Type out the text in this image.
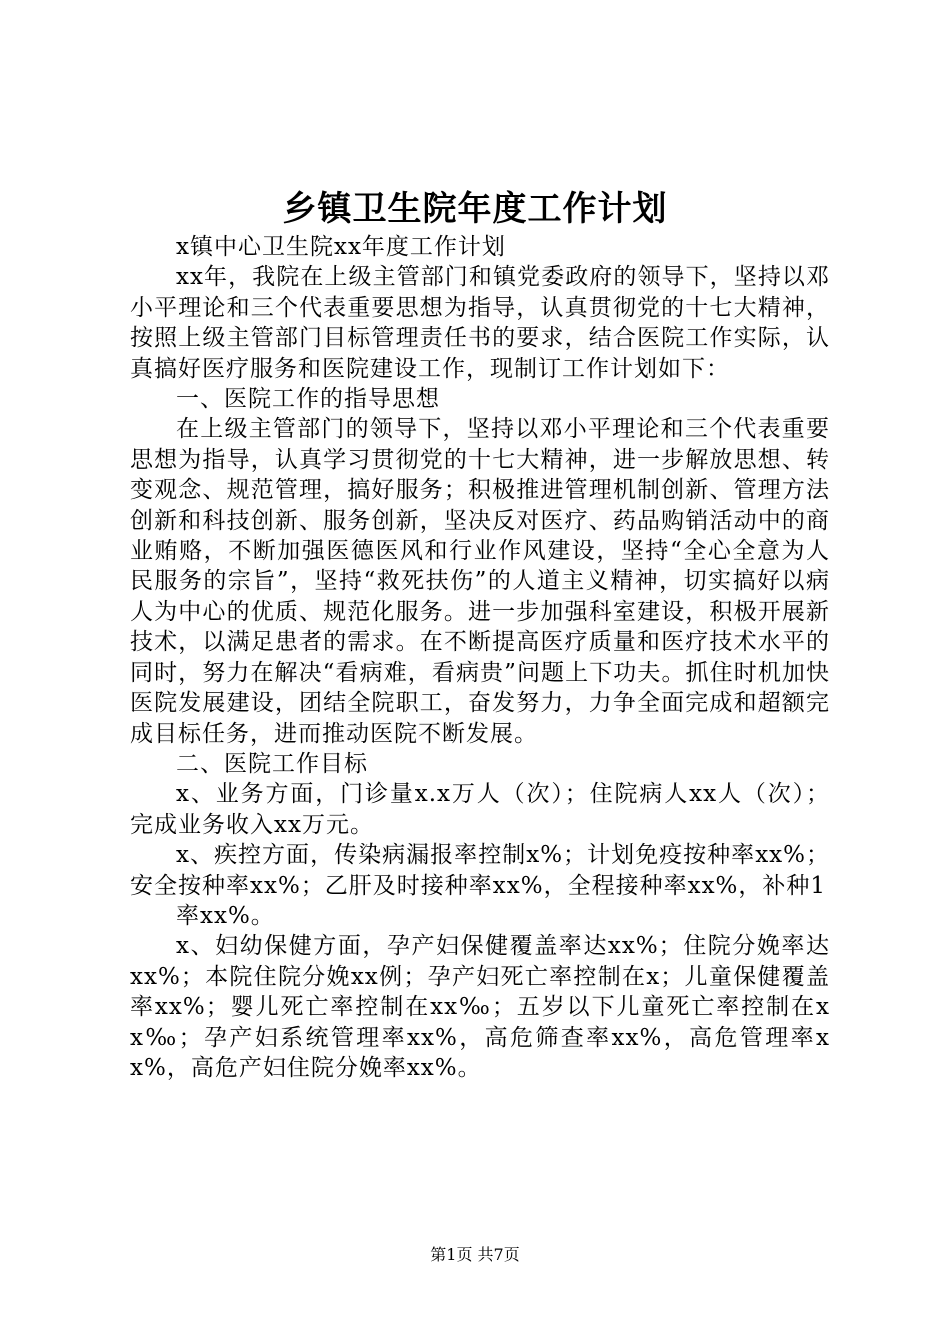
乡镇卫生院年度工作计划

x镇中心卫生院xx年度工作计划

xx年，我院在上级主管部门和镇党委政府的领导下，坚持以邓小平理论和三个代表重要思想为指导，认真贯彻党的十七大精神，按照上级主管部门目标管理责任书的要求，结合医院工作实际，认真搞好医疗服务和医院建设工作，现制订工作计划如下：

一、医院工作的指导思想

在上级主管部门的领导下，坚持以邓小平理论和三个代表重要思想为指导，认真学习贯彻党的十七大精神，进一步解放思想、转变观念、规范管理，搞好服务；积极推进管理机制创新、管理方法创新和科技创新、服务创新，坚决反对医疗、药品购销活动中的商业贿赂，不断加强医德医风和行业作风建设，坚持“全心全意为人民服务的宗旨”，坚持“救死扶伤”的人道主义精神，切实搞好以病人为中心的优质、规范化服务。进一步加强科室建设，积极开展新技术，以满足患者的需求。在不断提高医疗质量和医疗技术水平的同时，努力在解决“看病难，看病贵”问题上下功夫。抓住时机加快医院发展建设，团结全院职工，奋发努力，力争全面完成和超额完成目标任务，进而推动医院不断发展。

二、医院工作目标

x、业务方面，门诊量x.x万人（次）；住院病人xx人（次）；完成业务收入xx万元。

x、疾控方面，传染病漏报率控制x%；计划免疫按种率xx%；安全按种率xx%；乙肝及时接种率xx%，全程接种率xx%，补种1

率xx%。

x、妇幼保健方面，孕产妇保健覆盖率达xx%；住院分娩率达xx%；本院住院分娩xx例；孕产妇死亡率控制在x；儿童保健覆盖率xx%；婴儿死亡率控制在xx‰；五岁以下儿童死亡率控制在xx‰；孕产妇系统管理率xx%，高危筛查率xx%，高危管理率xx%，高危产妇住院分娩率xx%。

第1页 共7页
